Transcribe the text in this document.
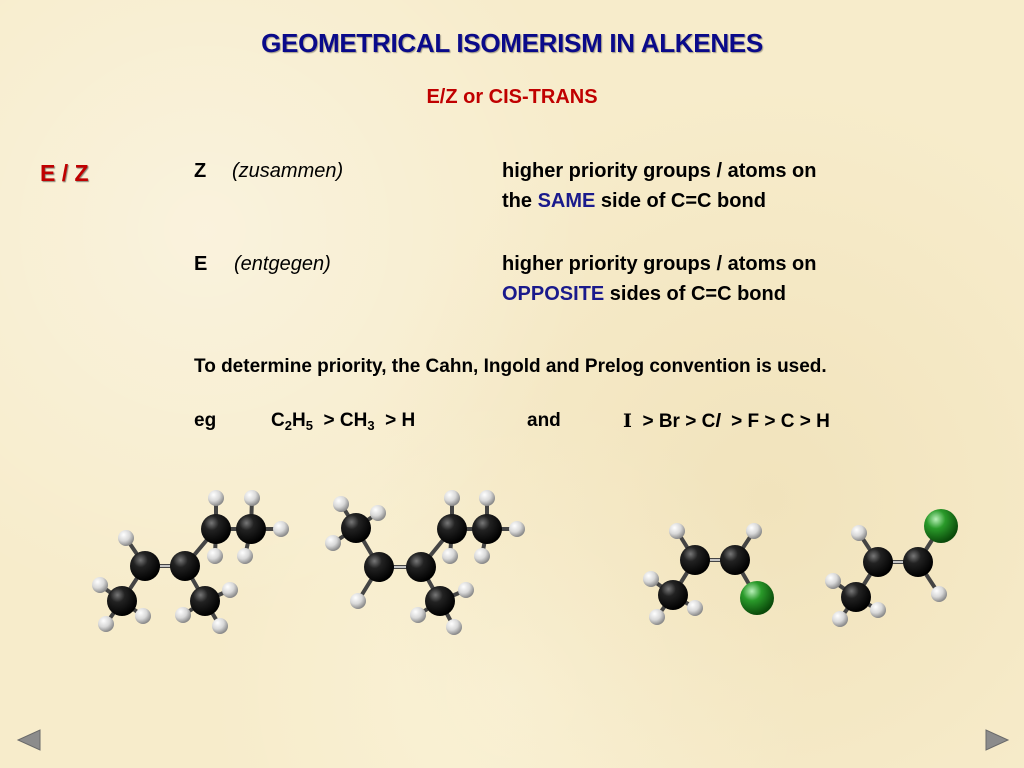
GEOMETRICAL ISOMERISM IN ALKENES
E/Z or CIS-TRANS
E / Z	Z (zusammen)	higher priority groups / atoms on
the SAME side of C=C bond
E (entgegen)	higher priority groups / atoms on
OPPOSITE sides of C=C bond
To determine priority, the Cahn, Ingold and Prelog convention is used.
eg	$C_2H_5 > CH_3 > H$	and	I > Br > Cl > F > C > H
